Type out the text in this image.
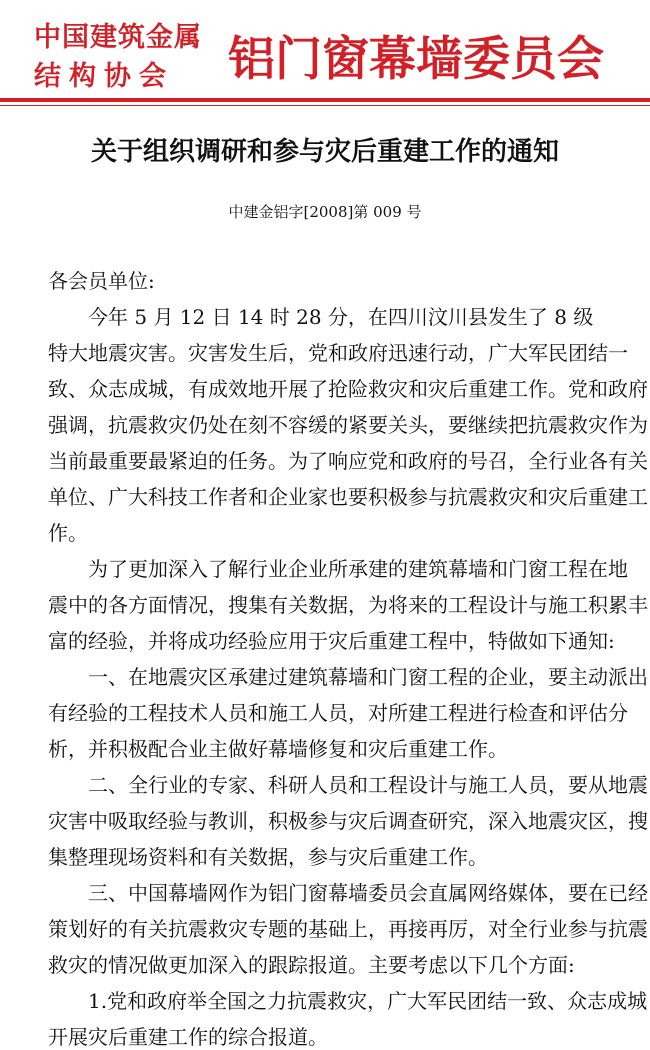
中国建筑金属
结构协会 铝门窗幕墙委员会
关于组织调研和参与灾后重建工作的通知
中建金铝字[2008]第 009 号
各会员单位:
　　今年 5 月 12 日 14 时 28 分，在四川汶川县发生了 8 级
特大地震灾害。灾害发生后，党和政府迅速行动，广大军民团结一
致、众志成城，有成效地开展了抢险救灾和灾后重建工作。党和政府
强调，抗震救灾仍处在刻不容缓的紧要关头，要继续把抗震救灾作为
当前最重要最紧迫的任务。为了响应党和政府的号召，全行业各有关
单位、广大科技工作者和企业家也要积极参与抗震救灾和灾后重建工
作。
　　为了更加深入了解行业企业所承建的建筑幕墙和门窗工程在地
震中的各方面情况，搜集有关数据，为将来的工程设计与施工积累丰
富的经验，并将成功经验应用于灾后重建工程中，特做如下通知:
　　一、在地震灾区承建过建筑幕墙和门窗工程的企业，要主动派出
有经验的工程技术人员和施工人员，对所建工程进行检查和评估分
析，并积极配合业主做好幕墙修复和灾后重建工作。
　　二、全行业的专家、科研人员和工程设计与施工人员，要从地震
灾害中吸取经验与教训，积极参与灾后调查研究，深入地震灾区，搜
集整理现场资料和有关数据，参与灾后重建工作。
　　三、中国幕墙网作为铝门窗幕墙委员会直属网络媒体，要在已经
策划好的有关抗震救灾专题的基础上，再接再厉，对全行业参与抗震
救灾的情况做更加深入的跟踪报道。主要考虑以下几个方面:
　　1.党和政府举全国之力抗震救灾，广大军民团结一致、众志成城
开展灾后重建工作的综合报道。
